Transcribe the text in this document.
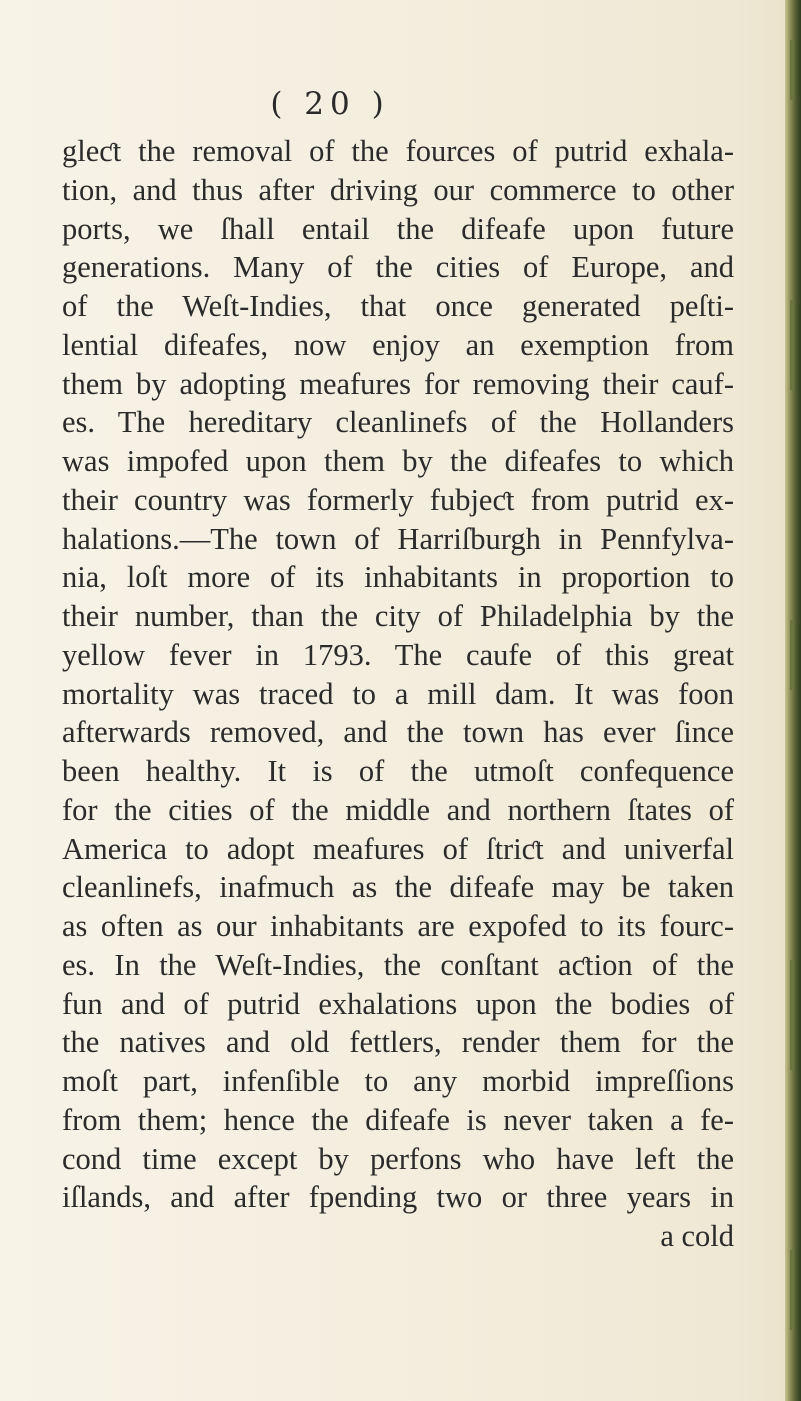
( 20 )
gleƈt the removal of the fources of putrid exhala-
tion, and thus after driving our commerce to other
ports, we ſhall entail the difeafe upon future
generations. Many of the cities of Europe, and
of the Weſt-Indies, that once generated peſti-
lential difeafes, now enjoy an exemption from
them by adopting meafures for removing their cauf-
es. The hereditary cleanlinefs of the Hollanders
was impofed upon them by the difeafes to which
their country was formerly fubjeƈt from putrid ex-
halations.—The town of Harriſburgh in Pennfylva-
nia, loſt more of its inhabitants in proportion to
their number, than the city of Philadelphia by the
yellow fever in 1793. The caufe of this great
mortality was traced to a mill dam. It was foon
afterwards removed, and the town has ever ſince
been healthy. It is of the utmoſt confequence
for the cities of the middle and northern ſtates of
America to adopt meafures of ſtriƈt and univerfal
cleanlinefs, inafmuch as the difeafe may be taken
as often as our inhabitants are expofed to its fourc-
es. In the Weſt-Indies, the conſtant aƈtion of the
fun and of putrid exhalations upon the bodies of
the natives and old fettlers, render them for the
moſt part, infenſible to any morbid impreſſions
from them; hence the difeafe is never taken a fe-
cond time except by perfons who have left the
iſlands, and after fpending two or three years in
a cold
